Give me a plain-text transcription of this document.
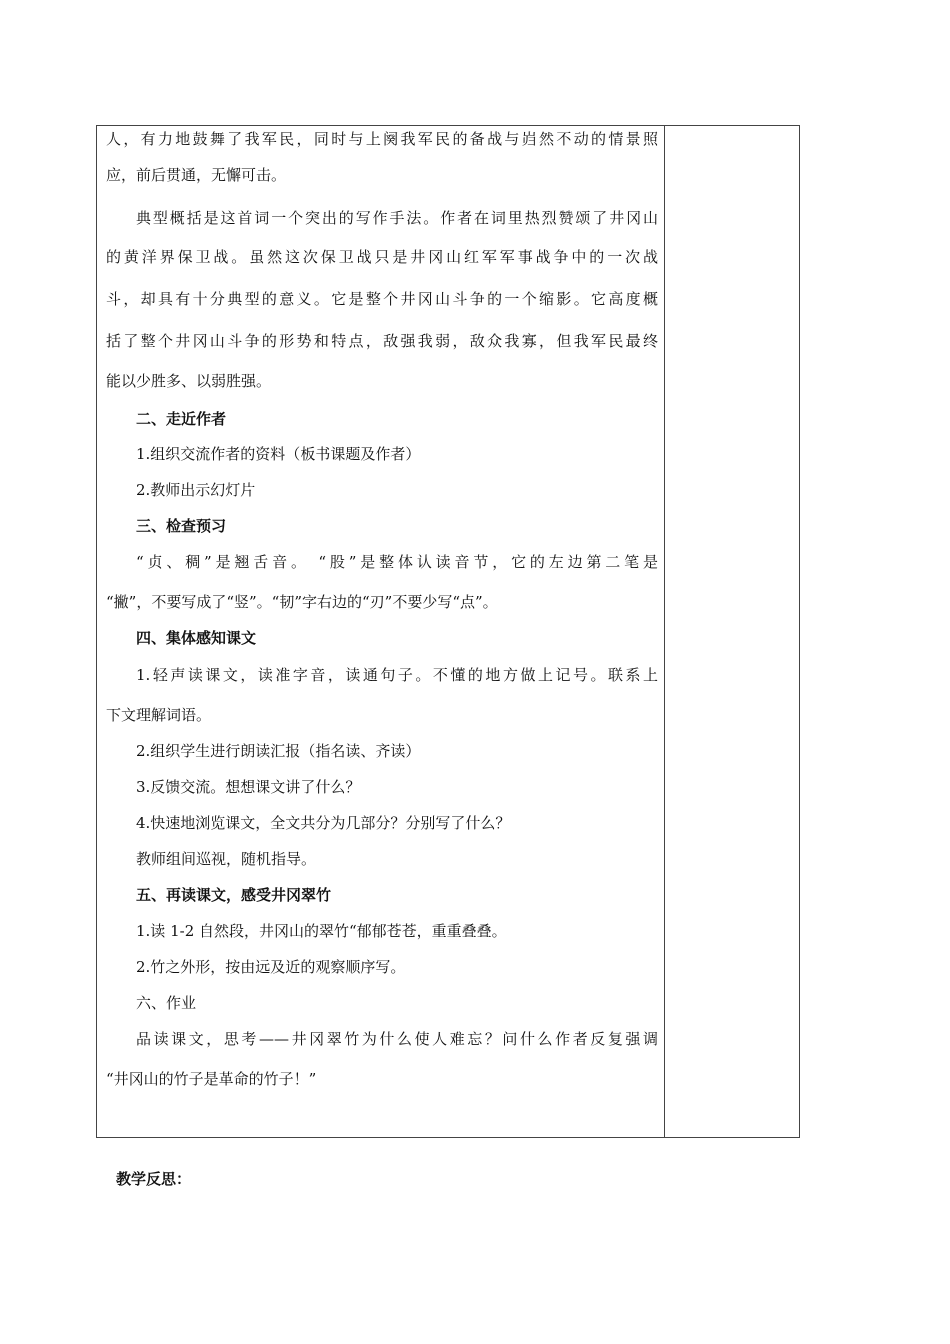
人，有力地鼓舞了我军民，同时与上阕我军民的备战与岿然不动的情景照
应，前后贯通，无懈可击。
典型概括是这首词一个突出的写作手法。作者在词里热烈赞颂了井冈山
的黄洋界保卫战。虽然这次保卫战只是井冈山红军军事战争中的一次战
斗，却具有十分典型的意义。它是整个井冈山斗争的一个缩影。它高度概
括了整个井冈山斗争的形势和特点，敌强我弱，敌众我寡，但我军民最终
能以少胜多、以弱胜强。
二、走近作者
1.组织交流作者的资料（板书课题及作者）
2.教师出示幻灯片
三、检查预习
“贞、稠”是翘舌音。 “股”是整体认读音节，它的左边第二笔是
“撇”，不要写成了“竖”。“韧”字右边的“刃”不要少写“点”。
四、集体感知课文
1.轻声读课文，读准字音，读通句子。不懂的地方做上记号。联系上
下文理解词语。
2.组织学生进行朗读汇报（指名读、齐读）
3.反馈交流。想想课文讲了什么？
4.快速地浏览课文，全文共分为几部分？分别写了什么？
教师组间巡视，随机指导。
五、再读课文，感受井冈翠竹
1.读 1-2 自然段，井冈山的翠竹“郁郁苍苍，重重叠叠。
2.竹之外形，按由远及近的观察顺序写。
六、作业
品读课文，思考——井冈翠竹为什么使人难忘？问什么作者反复强调
“井冈山的竹子是革命的竹子！”
教学反思：
